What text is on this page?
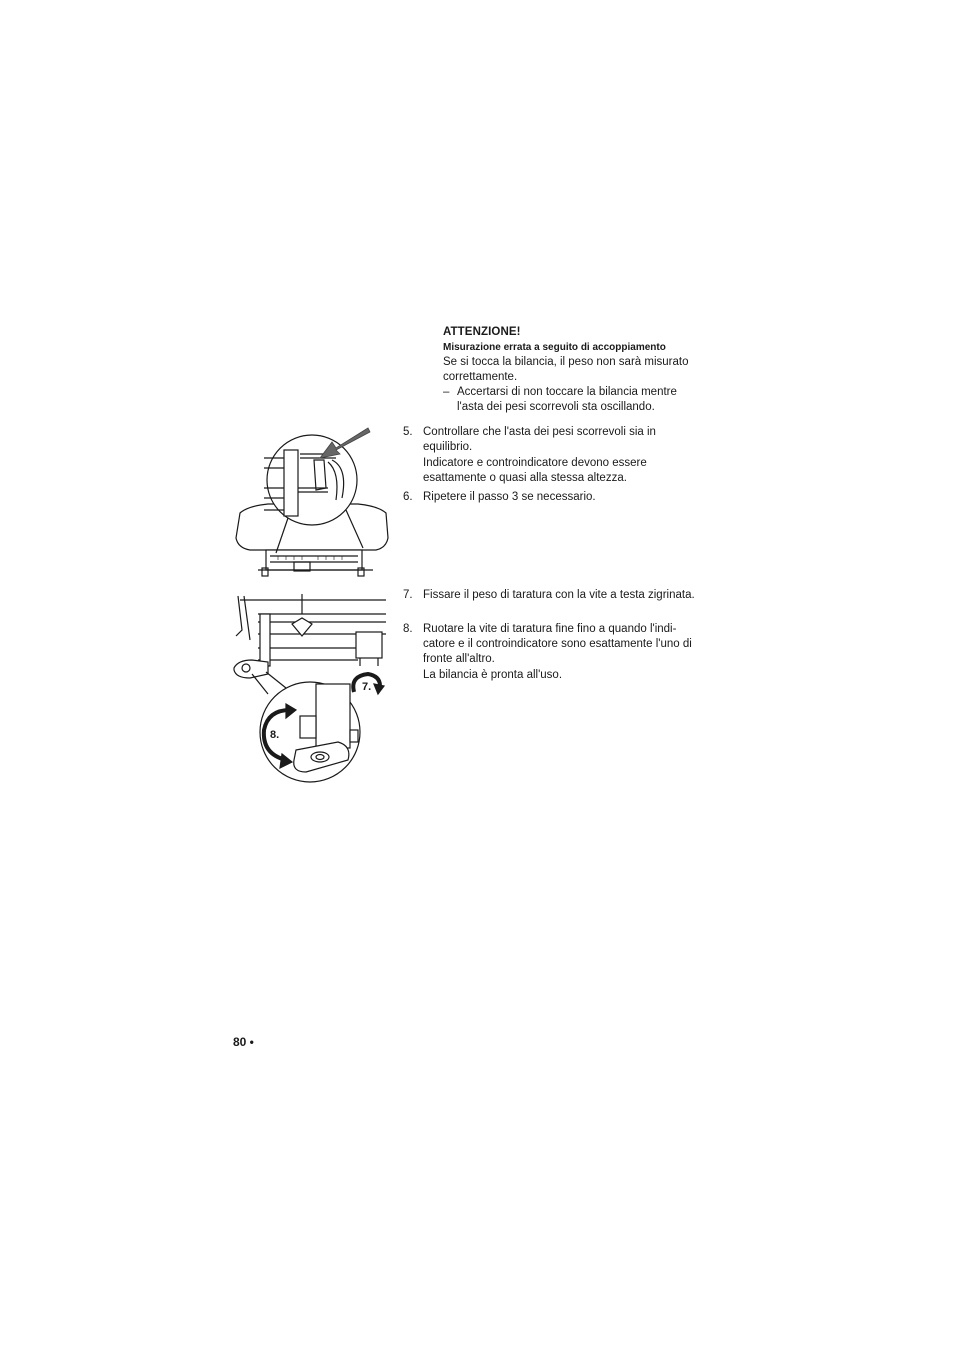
ATTENZIONE!
Misurazione errata a seguito di accoppiamento
Se si tocca la bilancia, il peso non sarà misurato correttamente.
– Accertarsi di non toccare la bilancia mentre l'asta dei pesi scorrevoli sta oscillando.
5. Controllare che l'asta dei pesi scorrevoli sia in equilibrio.
Indicatore e controindicatore devono essere esattamente o quasi alla stessa altezza.
6. Ripetere il passo 3 se necessario.
7. Fissare il peso di taratura con la vite a testa zigrinata.
8. Ruotare la vite di taratura fine fino a quando l'indi-catore e il controindicatore sono esattamente l'uno di fronte all'altro.
La bilancia è pronta all'uso.
7.
8.
80 •
